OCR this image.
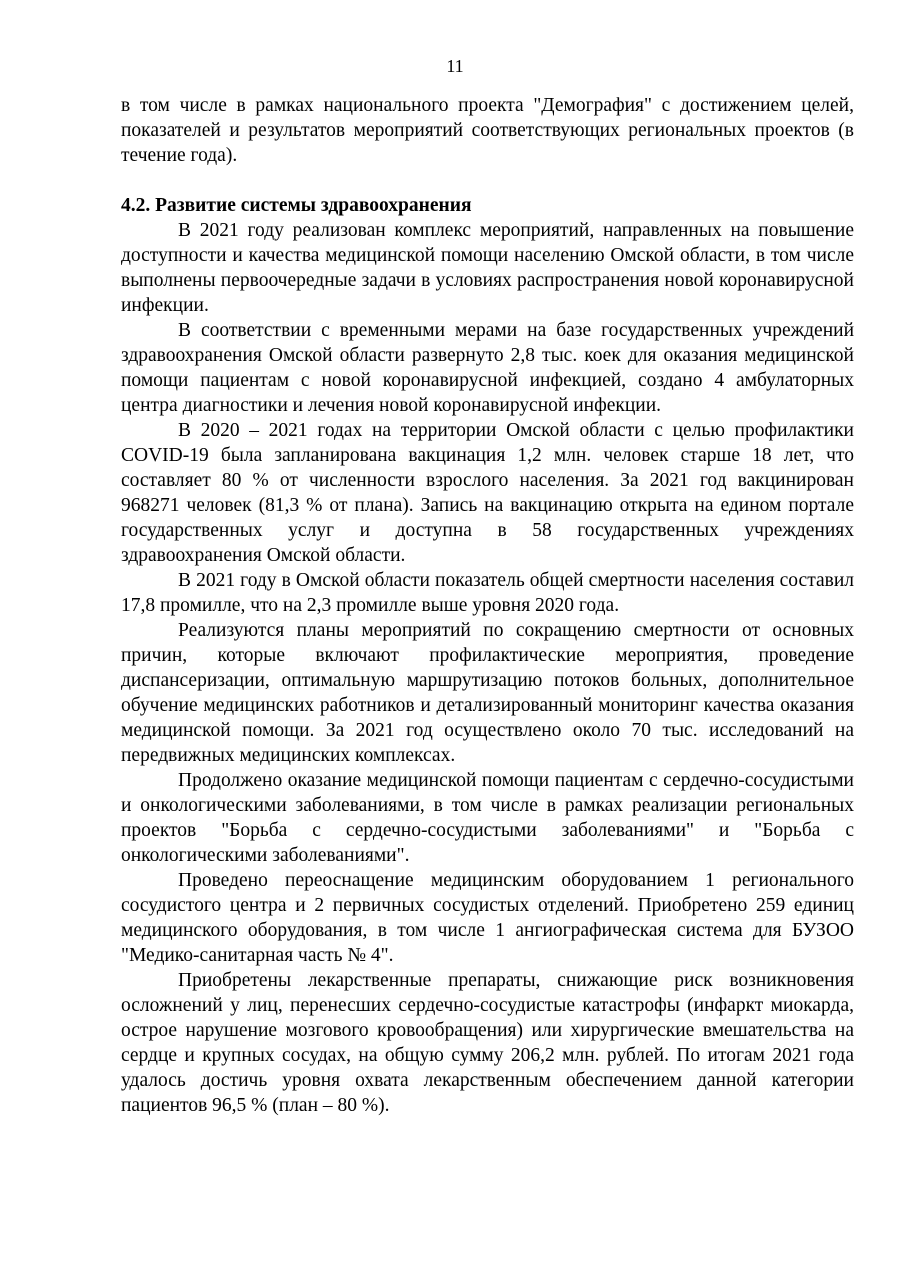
11

в том числе в рамках национального проекта "Демография" с достижением целей, показателей и результатов мероприятий соответствующих региональных проектов (в течение года).

4.2. Развитие системы здравоохранения

В 2021 году реализован комплекс мероприятий, направленных на повышение доступности и качества медицинской помощи населению Омской области, в том числе выполнены первоочередные задачи в условиях распространения новой коронавирусной инфекции.

В соответствии с временными мерами на базе государственных учреждений здравоохранения Омской области развернуто 2,8 тыс. коек для оказания медицинской помощи пациентам с новой коронавирусной инфекцией, создано 4 амбулаторных центра диагностики и лечения новой коронавирусной инфекции.

В 2020 – 2021 годах на территории Омской области с целью профилактики COVID-19 была запланирована вакцинация 1,2 млн. человек старше 18 лет, что составляет 80 % от численности взрослого населения. За 2021 год вакцинирован 968271 человек (81,3 % от плана). Запись на вакцинацию открыта на едином портале государственных услуг и доступна в 58 государственных учреждениях здравоохранения Омской области.

В 2021 году в Омской области показатель общей смертности населения составил 17,8 промилле, что на 2,3 промилле выше уровня 2020 года.

Реализуются планы мероприятий по сокращению смертности от основных причин, которые включают профилактические мероприятия, проведение диспансеризации, оптимальную маршрутизацию потоков больных, дополнительное обучение медицинских работников и детализированный мониторинг качества оказания медицинской помощи. За 2021 год осуществлено около 70 тыс. исследований на передвижных медицинских комплексах.

Продолжено оказание медицинской помощи пациентам с сердечно-сосудистыми и онкологическими заболеваниями, в том числе в рамках реализации региональных проектов "Борьба с сердечно-сосудистыми заболеваниями" и "Борьба с онкологическими заболеваниями".

Проведено переоснащение медицинским оборудованием 1 регионального сосудистого центра и 2 первичных сосудистых отделений. Приобретено 259 единиц медицинского оборудования, в том числе 1 ангиографическая система для БУЗОО "Медико-санитарная часть № 4".

Приобретены лекарственные препараты, снижающие риск возникновения осложнений у лиц, перенесших сердечно-сосудистые катастрофы (инфаркт миокарда, острое нарушение мозгового кровообращения) или хирургические вмешательства на сердце и крупных сосудах, на общую сумму 206,2 млн. рублей. По итогам 2021 года удалось достичь уровня охвата лекарственным обеспечением данной категории пациентов 96,5 % (план – 80 %).
